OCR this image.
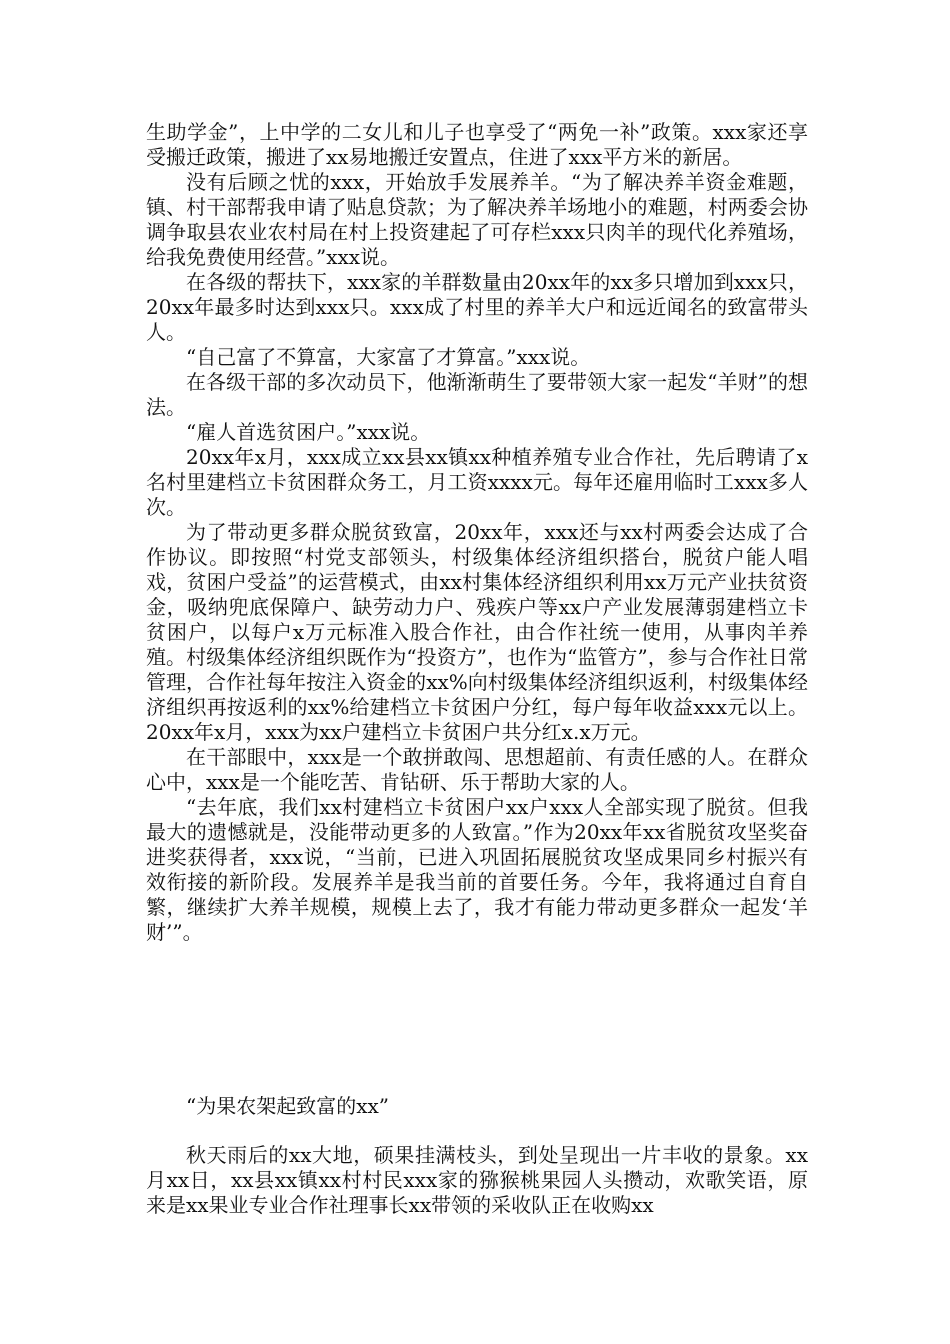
生助学金”，上中学的二女儿和儿子也享受了“两免一补”政策。xxx家还享受搬迁政策，搬进了xx易地搬迁安置点，住进了xxx平方米的新居。

没有后顾之忧的xxx，开始放手发展养羊。“为了解决养羊资金难题，镇、村干部帮我申请了贴息贷款；为了解决养羊场地小的难题，村两委会协调争取县农业农村局在村上投资建起了可存栏xxx只肉羊的现代化养殖场，给我免费使用经营。”xxx说。

在各级的帮扶下，xxx家的羊群数量由20xx年的xx多只增加到xxx只，20xx年最多时达到xxx只。xxx成了村里的养羊大户和远近闻名的致富带头人。

“自己富了不算富，大家富了才算富。”xxx说。

在各级干部的多次动员下，他渐渐萌生了要带领大家一起发“羊财”的想法。

“雇人首选贫困户。”xxx说。

20xx年x月，xxx成立xx县xx镇xx种植养殖专业合作社，先后聘请了x名村里建档立卡贫困群众务工，月工资xxxx元。每年还雇用临时工xxx多人次。

为了带动更多群众脱贫致富，20xx年，xxx还与xx村两委会达成了合作协议。即按照“村党支部领头，村级集体经济组织搭台，脱贫户能人唱戏，贫困户受益”的运营模式，由xx村集体经济组织利用xx万元产业扶贫资金，吸纳兜底保障户、缺劳动力户、残疾户等xx户产业发展薄弱建档立卡贫困户，以每户x万元标准入股合作社，由合作社统一使用，从事肉羊养殖。村级集体经济组织既作为“投资方”，也作为“监管方”，参与合作社日常管理，合作社每年按注入资金的xx%向村级集体经济组织返利，村级集体经济组织再按返利的xx%给建档立卡贫困户分红，每户每年收益xxx元以上。20xx年x月，xxx为xx户建档立卡贫困户共分红x.x万元。

在干部眼中，xxx是一个敢拼敢闯、思想超前、有责任感的人。在群众心中，xxx是一个能吃苦、肯钻研、乐于帮助大家的人。

“去年底，我们xx村建档立卡贫困户xx户xxx人全部实现了脱贫。但我最大的遗憾就是，没能带动更多的人致富。”作为20xx年xx省脱贫攻坚奖奋进奖获得者，xxx说，“当前，已进入巩固拓展脱贫攻坚成果同乡村振兴有效衔接的新阶段。发展养羊是我当前的首要任务。今年，我将通过自育自繁，继续扩大养羊规模，规模上去了，我才有能力带动更多群众一起发‘羊财’”。

“为果农架起致富的xx”

秋天雨后的xx大地，硕果挂满枝头，到处呈现出一片丰收的景象。xx月xx日，xx县xx镇xx村村民xxx家的猕猴桃果园人头攒动，欢歌笑语，原来是xx果业专业合作社理事长xx带领的采收队正在收购xx
